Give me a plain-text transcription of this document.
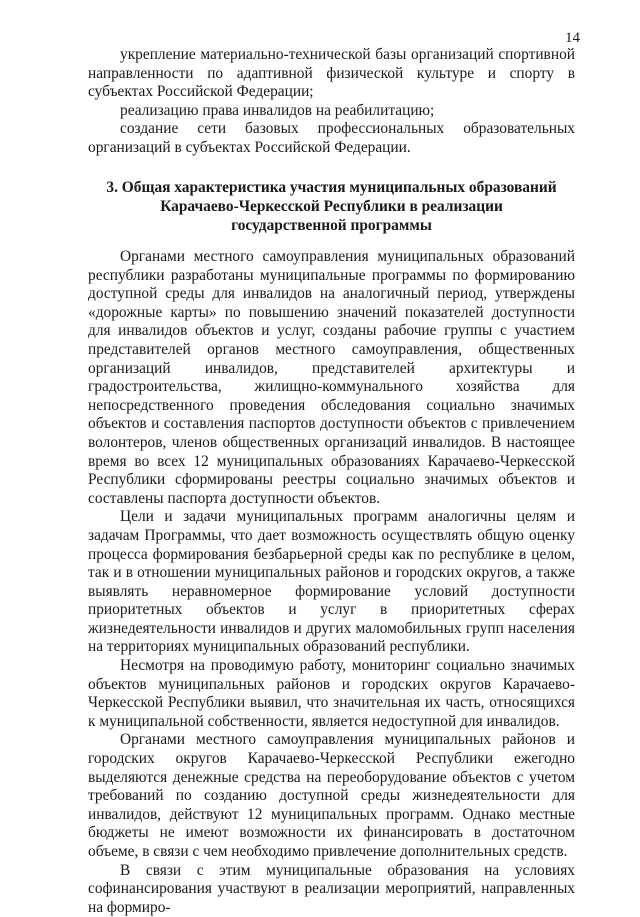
14

укрепление материально-технической базы организаций спортивной направленности по адаптивной физической культуре и спорту в субъектах Российской Федерации;

реализацию права инвалидов на реабилитацию;

создание сети базовых профессиональных образовательных организаций в субъектах Российской Федерации.

3. Общая характеристика участия муниципальных образований
Карачаево-Черкесской Республики в реализации
государственной программы

Органами местного самоуправления муниципальных образований республики разработаны муниципальные программы по формированию доступной среды для инвалидов на аналогичный период, утверждены «дорожные карты» по повышению значений показателей доступности для инвалидов объектов и услуг, созданы рабочие группы с участием представителей органов местного самоуправления, общественных организаций инвалидов, представителей архитектуры и градостроительства, жилищно-коммунального хозяйства для непосредственного проведения обследования социально значимых объектов и составления паспортов доступности объектов с привлечением волонтеров, членов общественных организаций инвалидов. В настоящее время во всех 12 муниципальных образованиях Карачаево-Черкесской Республики сформированы реестры социально значимых объектов и составлены паспорта доступности объектов.

Цели и задачи муниципальных программ аналогичны целям и задачам Программы, что дает возможность осуществлять общую оценку процесса формирования безбарьерной среды как по республике в целом, так и в отношении муниципальных районов и городских округов, а также выявлять неравномерное формирование условий доступности приоритетных объектов и услуг в приоритетных сферах жизнедеятельности инвалидов и других маломобильных групп населения на территориях муниципальных образований республики.

Несмотря на проводимую работу, мониторинг социально значимых объектов муниципальных районов и городских округов Карачаево-Черкесской Республики выявил, что значительная их часть, относящихся к муниципальной собственности, является недоступной для инвалидов.

Органами местного самоуправления муниципальных районов и городских округов Карачаево-Черкесской Республики ежегодно выделяются денежные средства на переоборудование объектов с учетом требований по созданию доступной среды жизнедеятельности для инвалидов, действуют 12 муниципальных программ. Однако местные бюджеты не имеют возможности их финансировать в достаточном объеме, в связи с чем необходимо привлечение дополнительных средств.

В связи с этим муниципальные образования на условиях софинансирования участвуют в реализации мероприятий, направленных на формиро-
